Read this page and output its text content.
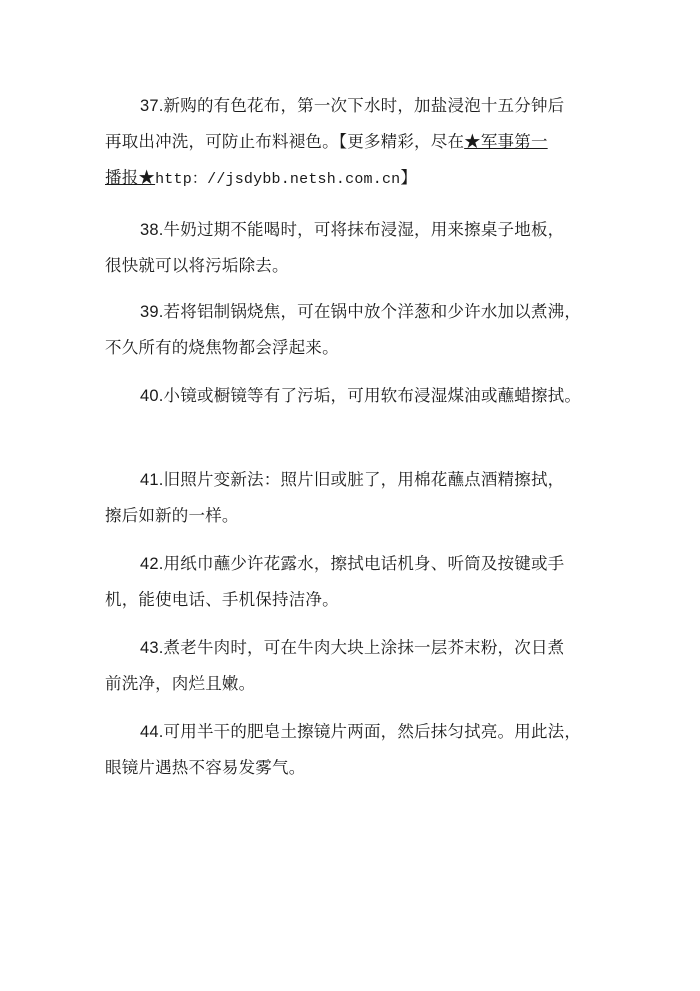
37.新购的有色花布，第一次下水时，加盐浸泡十五分钟后
再取出冲洗，可防止布料褪色。【更多精彩，尽在★军事第一
播报★http：//jsdybb.netsh.com.cn】

38.牛奶过期不能喝时，可将抹布浸湿，用来擦桌子地板，
很快就可以将污垢除去。

39.若将铝制锅烧焦，可在锅中放个洋葱和少许水加以煮沸，
不久所有的烧焦物都会浮起来。

40.小镜或橱镜等有了污垢，可用软布浸湿煤油或蘸蜡擦拭。

41.旧照片变新法：照片旧或脏了，用棉花蘸点酒精擦拭，
擦后如新的一样。

42.用纸巾蘸少许花露水，擦拭电话机身、听筒及按键或手
机，能使电话、手机保持洁净。

43.煮老牛肉时，可在牛肉大块上涂抹一层芥末粉，次日煮
前洗净，肉烂且嫩。

44.可用半干的肥皂土擦镜片两面，然后抹匀拭亮。用此法，
眼镜片遇热不容易发雾气。
